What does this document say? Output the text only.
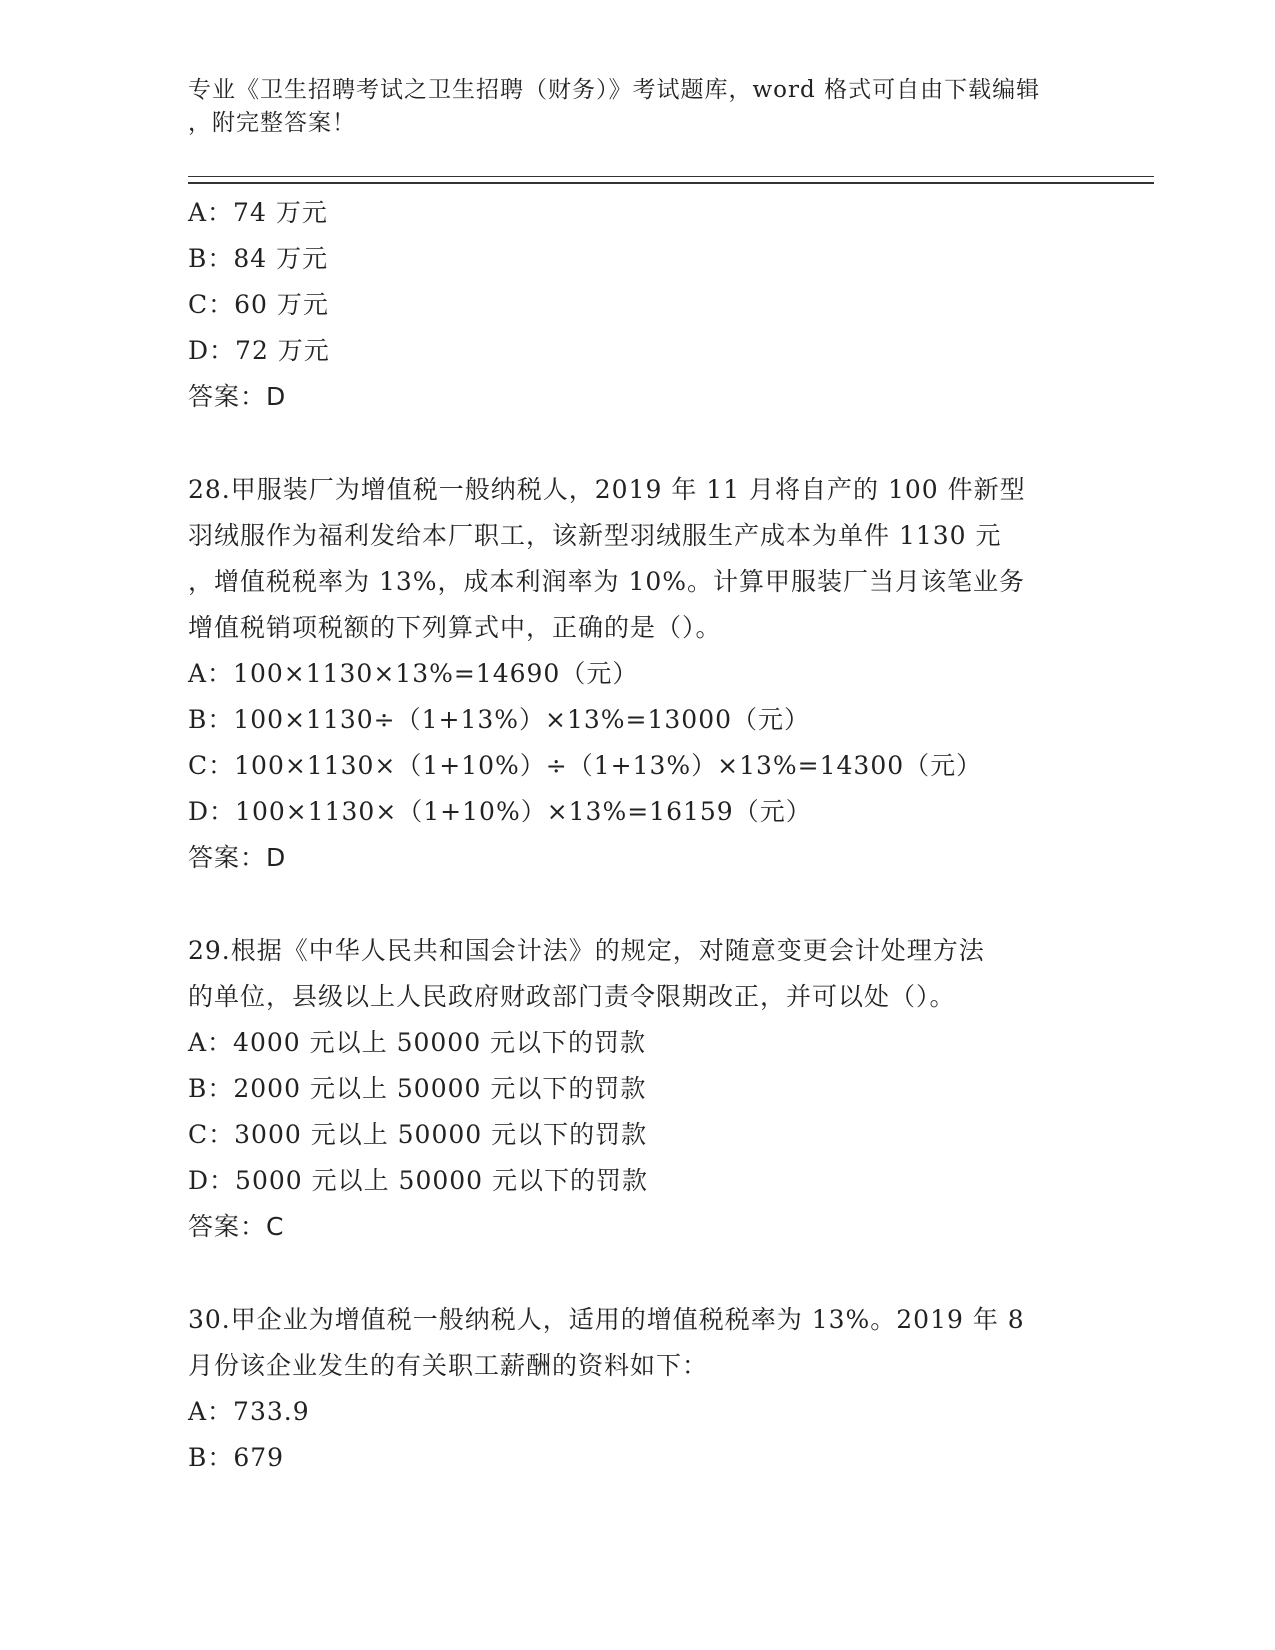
专业《卫生招聘考试之卫生招聘（财务）》考试题库，word 格式可自由下载编辑
，附完整答案！
A：74 万元
B：84 万元
C：60 万元
D：72 万元
答案：D
28.甲服装厂为增值税一般纳税人，2019 年 11 月将自产的 100 件新型
羽绒服作为福利发给本厂职工，该新型羽绒服生产成本为单件 1130 元
，增值税税率为 13%，成本利润率为 10%。计算甲服装厂当月该笔业务
增值税销项税额的下列算式中，正确的是（）。
A：100×1130×13%=14690（元）
B：100×1130÷（1+13%）×13%=13000（元）
C：100×1130×（1+10%）÷（1+13%）×13%=14300（元）
D：100×1130×（1+10%）×13%=16159（元）
答案：D
29.根据《中华人民共和国会计法》的规定，对随意变更会计处理方法
的单位，县级以上人民政府财政部门责令限期改正，并可以处（）。
A：4000 元以上 50000 元以下的罚款
B：2000 元以上 50000 元以下的罚款
C：3000 元以上 50000 元以下的罚款
D：5000 元以上 50000 元以下的罚款
答案：C
30.甲企业为增值税一般纳税人，适用的增值税税率为 13%。2019 年 8
月份该企业发生的有关职工薪酬的资料如下：
A：733.9
B：679
